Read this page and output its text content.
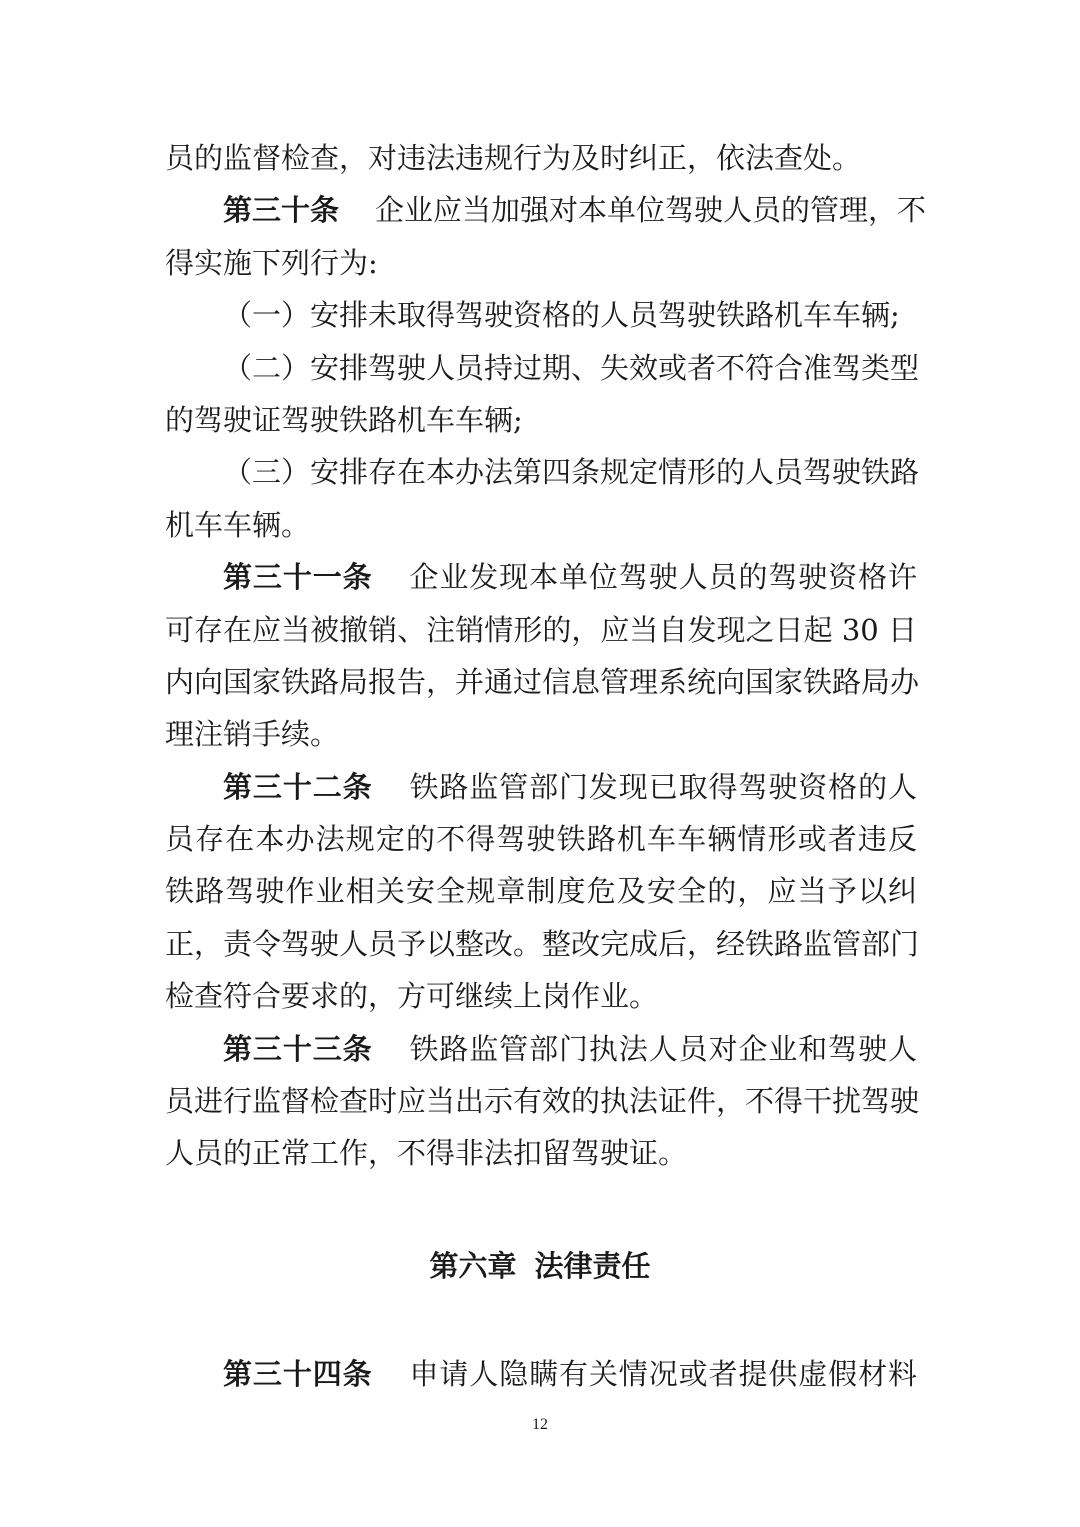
员的监督检查，对违法违规行为及时纠正，依法查处。
第三十条 企业应当加强对本单位驾驶人员的管理，不
得实施下列行为:
（一）安排未取得驾驶资格的人员驾驶铁路机车车辆;
（二）安排驾驶人员持过期、失效或者不符合准驾类型
的驾驶证驾驶铁路机车车辆;
（三）安排存在本办法第四条规定情形的人员驾驶铁路
机车车辆。
第三十一条 企业发现本单位驾驶人员的驾驶资格许
可存在应当被撤销、注销情形的，应当自发现之日起 30 日
内向国家铁路局报告，并通过信息管理系统向国家铁路局办
理注销手续。
第三十二条 铁路监管部门发现已取得驾驶资格的人
员存在本办法规定的不得驾驶铁路机车车辆情形或者违反
铁路驾驶作业相关安全规章制度危及安全的，应当予以纠
正，责令驾驶人员予以整改。整改完成后，经铁路监管部门
检查符合要求的，方可继续上岗作业。
第三十三条 铁路监管部门执法人员对企业和驾驶人
员进行监督检查时应当出示有效的执法证件，不得干扰驾驶
人员的正常工作，不得非法扣留驾驶证。
第六章 法律责任
第三十四条 申请人隐瞒有关情况或者提供虚假材料
12
